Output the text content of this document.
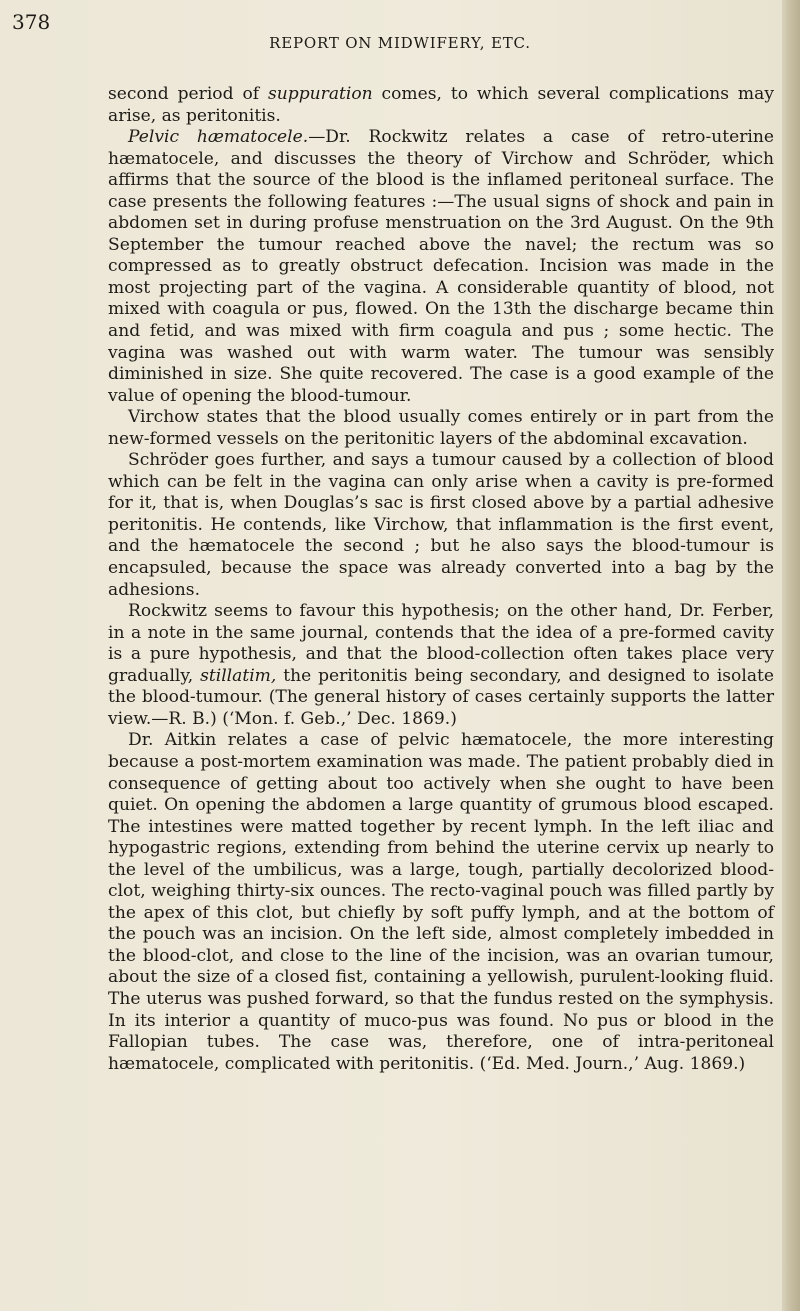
378
REPORT ON MIDWIFERY, ETC.

second period of suppuration comes, to which several complications may arise, as peritonitis.

Pelvic hæmatocele.—Dr. Rockwitz relates a case of retro-uterine hæmatocele, and discusses the theory of Virchow and Schröder, which affirms that the source of the blood is the inflamed peritoneal surface. The case presents the following features :—The usual signs of shock and pain in abdomen set in during profuse menstruation on the 3rd August. On the 9th September the tumour reached above the navel; the rectum was so compressed as to greatly obstruct defecation. Incision was made in the most projecting part of the vagina. A considerable quantity of blood, not mixed with coagula or pus, flowed. On the 13th the discharge became thin and fetid, and was mixed with firm coagula and pus ; some hectic. The vagina was washed out with warm water. The tumour was sensibly diminished in size. She quite recovered. The case is a good example of the value of opening the blood-tumour.

Virchow states that the blood usually comes entirely or in part from the new-formed vessels on the peritonitic layers of the abdominal excavation.

Schröder goes further, and says a tumour caused by a collection of blood which can be felt in the vagina can only arise when a cavity is pre-formed for it, that is, when Douglas’s sac is first closed above by a partial adhesive peritonitis. He contends, like Virchow, that inflammation is the first event, and the hæmatocele the second ; but he also says the blood-tumour is encapsuled, because the space was already converted into a bag by the adhesions.

Rockwitz seems to favour this hypothesis; on the other hand, Dr. Ferber, in a note in the same journal, contends that the idea of a pre-formed cavity is a pure hypothesis, and that the blood-collection often takes place very gradually, stillatim, the peritonitis being secondary, and designed to isolate the blood-tumour. (The general history of cases certainly supports the latter view.—R. B.) (‘Mon. f. Geb.,’ Dec. 1869.)

Dr. Aitkin relates a case of pelvic hæmatocele, the more interesting because a post-mortem examination was made. The patient probably died in consequence of getting about too actively when she ought to have been quiet. On opening the abdomen a large quantity of grumous blood escaped. The intestines were matted together by recent lymph. In the left iliac and hypogastric regions, extending from behind the uterine cervix up nearly to the level of the umbilicus, was a large, tough, partially decolorized blood-clot, weighing thirty-six ounces. The recto-vaginal pouch was filled partly by the apex of this clot, but chiefly by soft puffy lymph, and at the bottom of the pouch was an incision. On the left side, almost completely imbedded in the blood-clot, and close to the line of the incision, was an ovarian tumour, about the size of a closed fist, containing a yellowish, purulent-looking fluid. The uterus was pushed forward, so that the fundus rested on the symphysis. In its interior a quantity of muco-pus was found. No pus or blood in the Fallopian tubes. The case was, therefore, one of intra-peritoneal hæmatocele, complicated with peritonitis. (‘Ed. Med. Journ.,’ Aug. 1869.)
